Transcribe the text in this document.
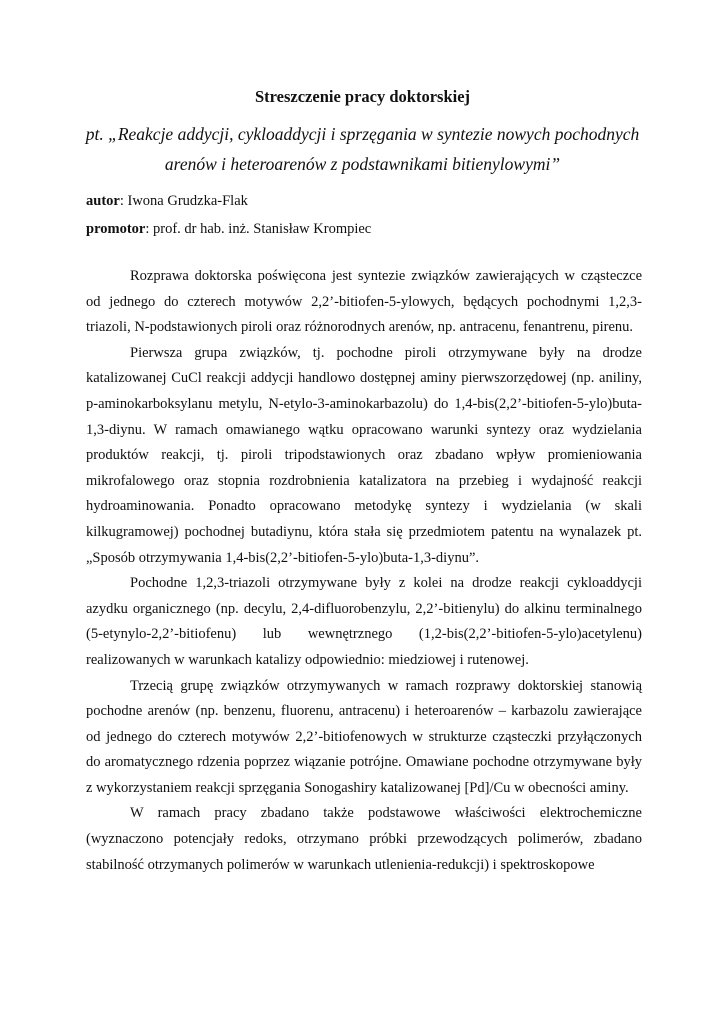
Streszczenie pracy doktorskiej
pt. „Reakcje addycji, cykloaddycji i sprzęgania w syntezie nowych pochodnych arenów i heteroarenów z podstawnikami bitienylowymi”
autor: Iwona Grudzka-Flak
promotor: prof. dr hab. inż. Stanisław Krompiec

Rozprawa doktorska poświęcona jest syntezie związków zawierających w cząsteczce od jednego do czterech motywów 2,2’-bitiofen-5-ylowych, będących pochodnymi 1,2,3-triazoli, N-podstawionych piroli oraz różnorodnych arenów, np. antracenu, fenantrenu, pirenu.

Pierwsza grupa związków, tj. pochodne piroli otrzymywane były na drodze katalizowanej CuCl reakcji addycji handlowo dostępnej aminy pierwszorzędowej (np. aniliny, p-aminokarboksylanu metylu, N-etylo-3-aminokarbazolu) do 1,4-bis(2,2’-bitiofen-5-ylo)buta-1,3-diynu. W ramach omawianego wątku opracowano warunki syntezy oraz wydzielania produktów reakcji, tj. piroli tripodstawionych oraz zbadano wpływ promieniowania mikrofalowego oraz stopnia rozdrobnienia katalizatora na przebieg i wydajność reakcji hydroaminowania. Ponadto opracowano metodykę syntezy i wydzielania (w skali kilkugramowej) pochodnej butadiynu, która stała się przedmiotem patentu na wynalazek pt. „Sposób otrzymywania 1,4-bis(2,2’-bitiofen-5-ylo)buta-1,3-diynu”.

Pochodne 1,2,3-triazoli otrzymywane były z kolei na drodze reakcji cykloaddycji azydku organicznego (np. decylu, 2,4-difluorobenzylu, 2,2’-bitienylu) do alkinu terminalnego (5-etynylo-2,2’-bitiofenu) lub wewnętrznego (1,2-bis(2,2’-bitiofen-5-ylo)acetylenu) realizowanych w warunkach katalizy odpowiednio: miedziowej i rutenowej.

Trzecią grupę związków otrzymywanych w ramach rozprawy doktorskiej stanowią pochodne arenów (np. benzenu, fluorenu, antracenu) i heteroarenów – karbazolu zawierające od jednego do czterech motywów 2,2’-bitiofenowych w strukturze cząsteczki przyłączonych do aromatycznego rdzenia poprzez wiązanie potrójne. Omawiane pochodne otrzymywane były z wykorzystaniem reakcji sprzęgania Sonogashiry katalizowanej [Pd]/Cu w obecności aminy.

W ramach pracy zbadano także podstawowe właściwości elektrochemiczne (wyznaczono potencjały redoks, otrzymano próbki przewodzących polimerów, zbadano stabilność otrzymanych polimerów w warunkach utlenienia-redukcji) i spektroskopowe
